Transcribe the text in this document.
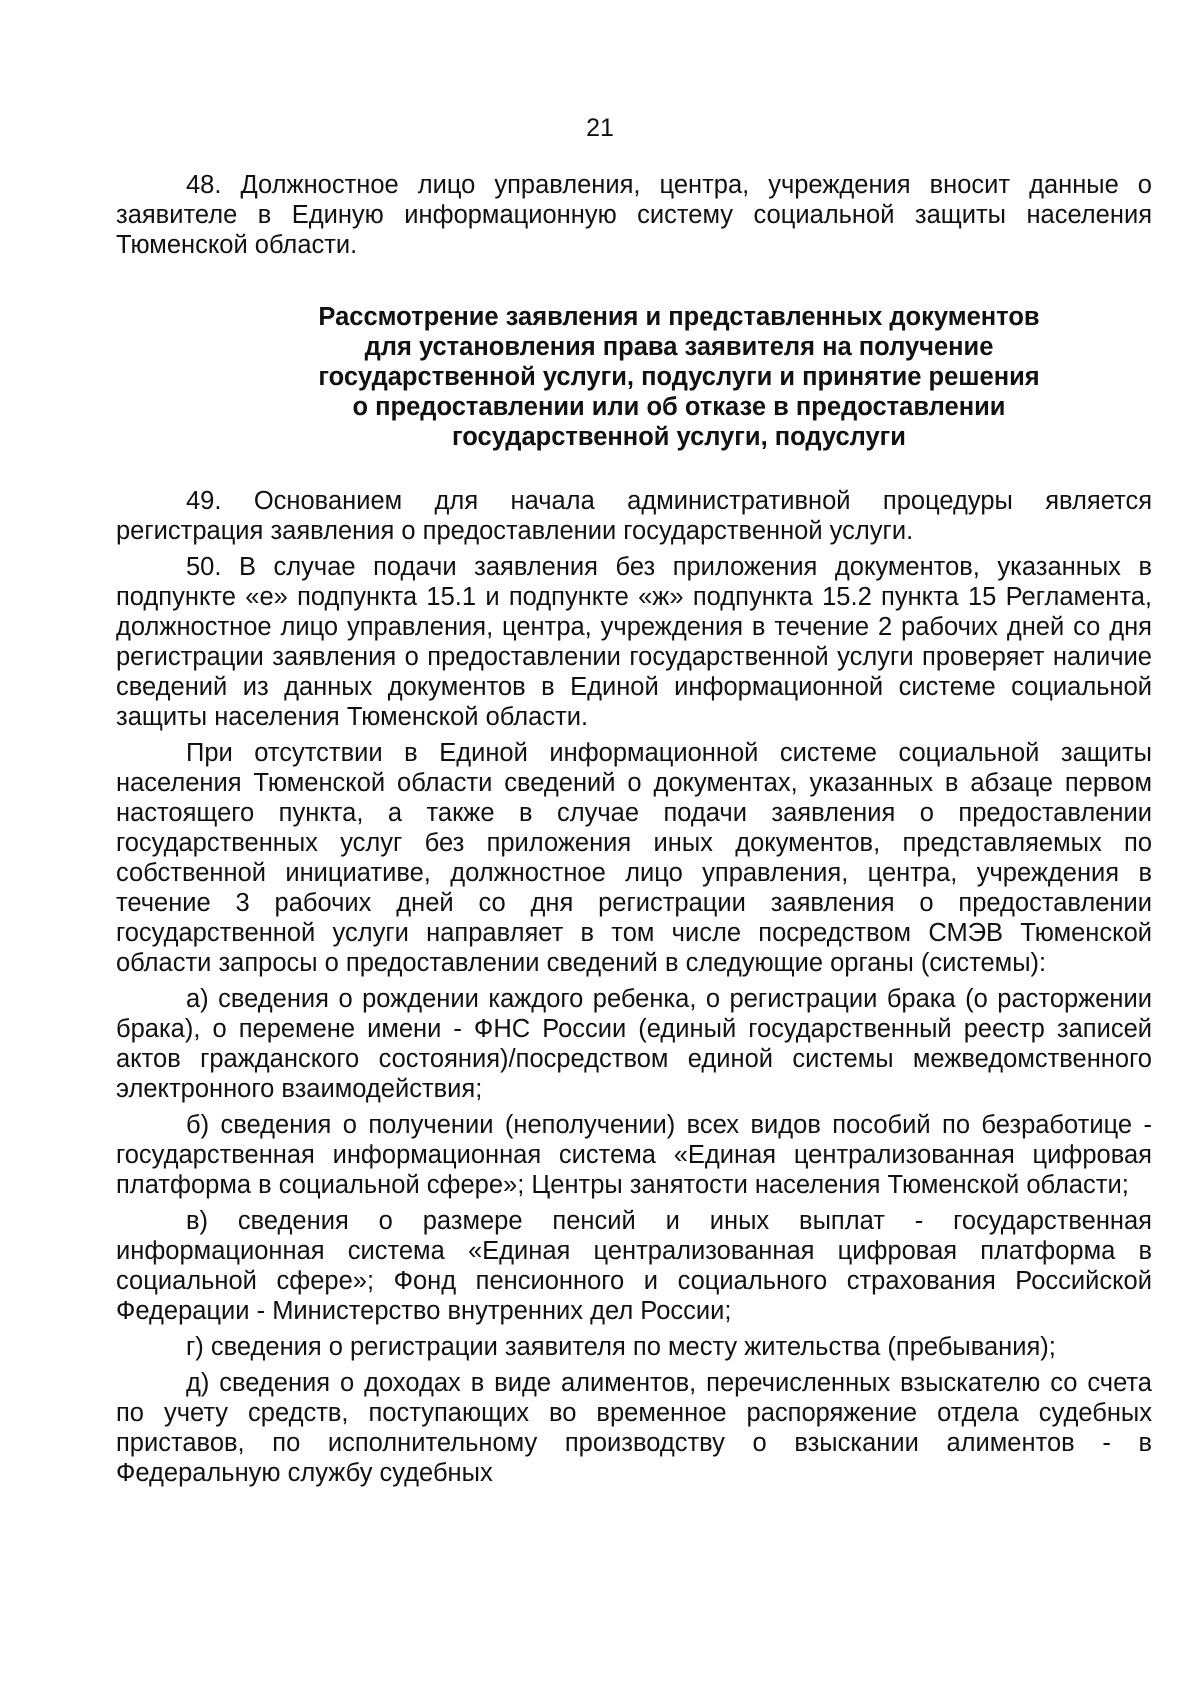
21

48. Должностное лицо управления, центра, учреждения вносит данные о заявителе в Единую информационную систему социальной защиты населения Тюменской области.

Рассмотрение заявления и представленных документов
для установления права заявителя на получение
государственной услуги, подуслуги и принятие решения
о предоставлении или об отказе в предоставлении
государственной услуги, подуслуги

49. Основанием для начала административной процедуры является регистрация заявления о предоставлении государственной услуги.

50. В случае подачи заявления без приложения документов, указанных в подпункте «е» подпункта 15.1 и подпункте «ж» подпункта 15.2 пункта 15 Регламента, должностное лицо управления, центра, учреждения в течение 2 рабочих дней со дня регистрации заявления о предоставлении государственной услуги проверяет наличие сведений из данных документов в Единой информационной системе социальной защиты населения Тюменской области.

При отсутствии в Единой информационной системе социальной защиты населения Тюменской области сведений о документах, указанных в абзаце первом настоящего пункта, а также в случае подачи заявления о предоставлении государственных услуг без приложения иных документов, представляемых по собственной инициативе, должностное лицо управления, центра, учреждения в течение 3 рабочих дней со дня регистрации заявления о предоставлении государственной услуги направляет в том числе посредством СМЭВ Тюменской области запросы о предоставлении сведений в следующие органы (системы):

а) сведения о рождении каждого ребенка, о регистрации брака (о расторжении брака), о перемене имени - ФНС России (единый государственный реестр записей актов гражданского состояния)/посредством единой системы межведомственного электронного взаимодействия;

б) сведения о получении (неполучении) всех видов пособий по безработице - государственная информационная система «Единая централизованная цифровая платформа в социальной сфере»; Центры занятости населения Тюменской области;

в) сведения о размере пенсий и иных выплат - государственная информационная система «Единая централизованная цифровая платформа в социальной сфере»; Фонд пенсионного и социального страхования Российской Федерации - Министерство внутренних дел России;

г) сведения о регистрации заявителя по месту жительства (пребывания);

д) сведения о доходах в виде алиментов, перечисленных взыскателю со счета по учету средств, поступающих во временное распоряжение отдела судебных приставов, по исполнительному производству о взыскании алиментов - в Федеральную службу судебных
